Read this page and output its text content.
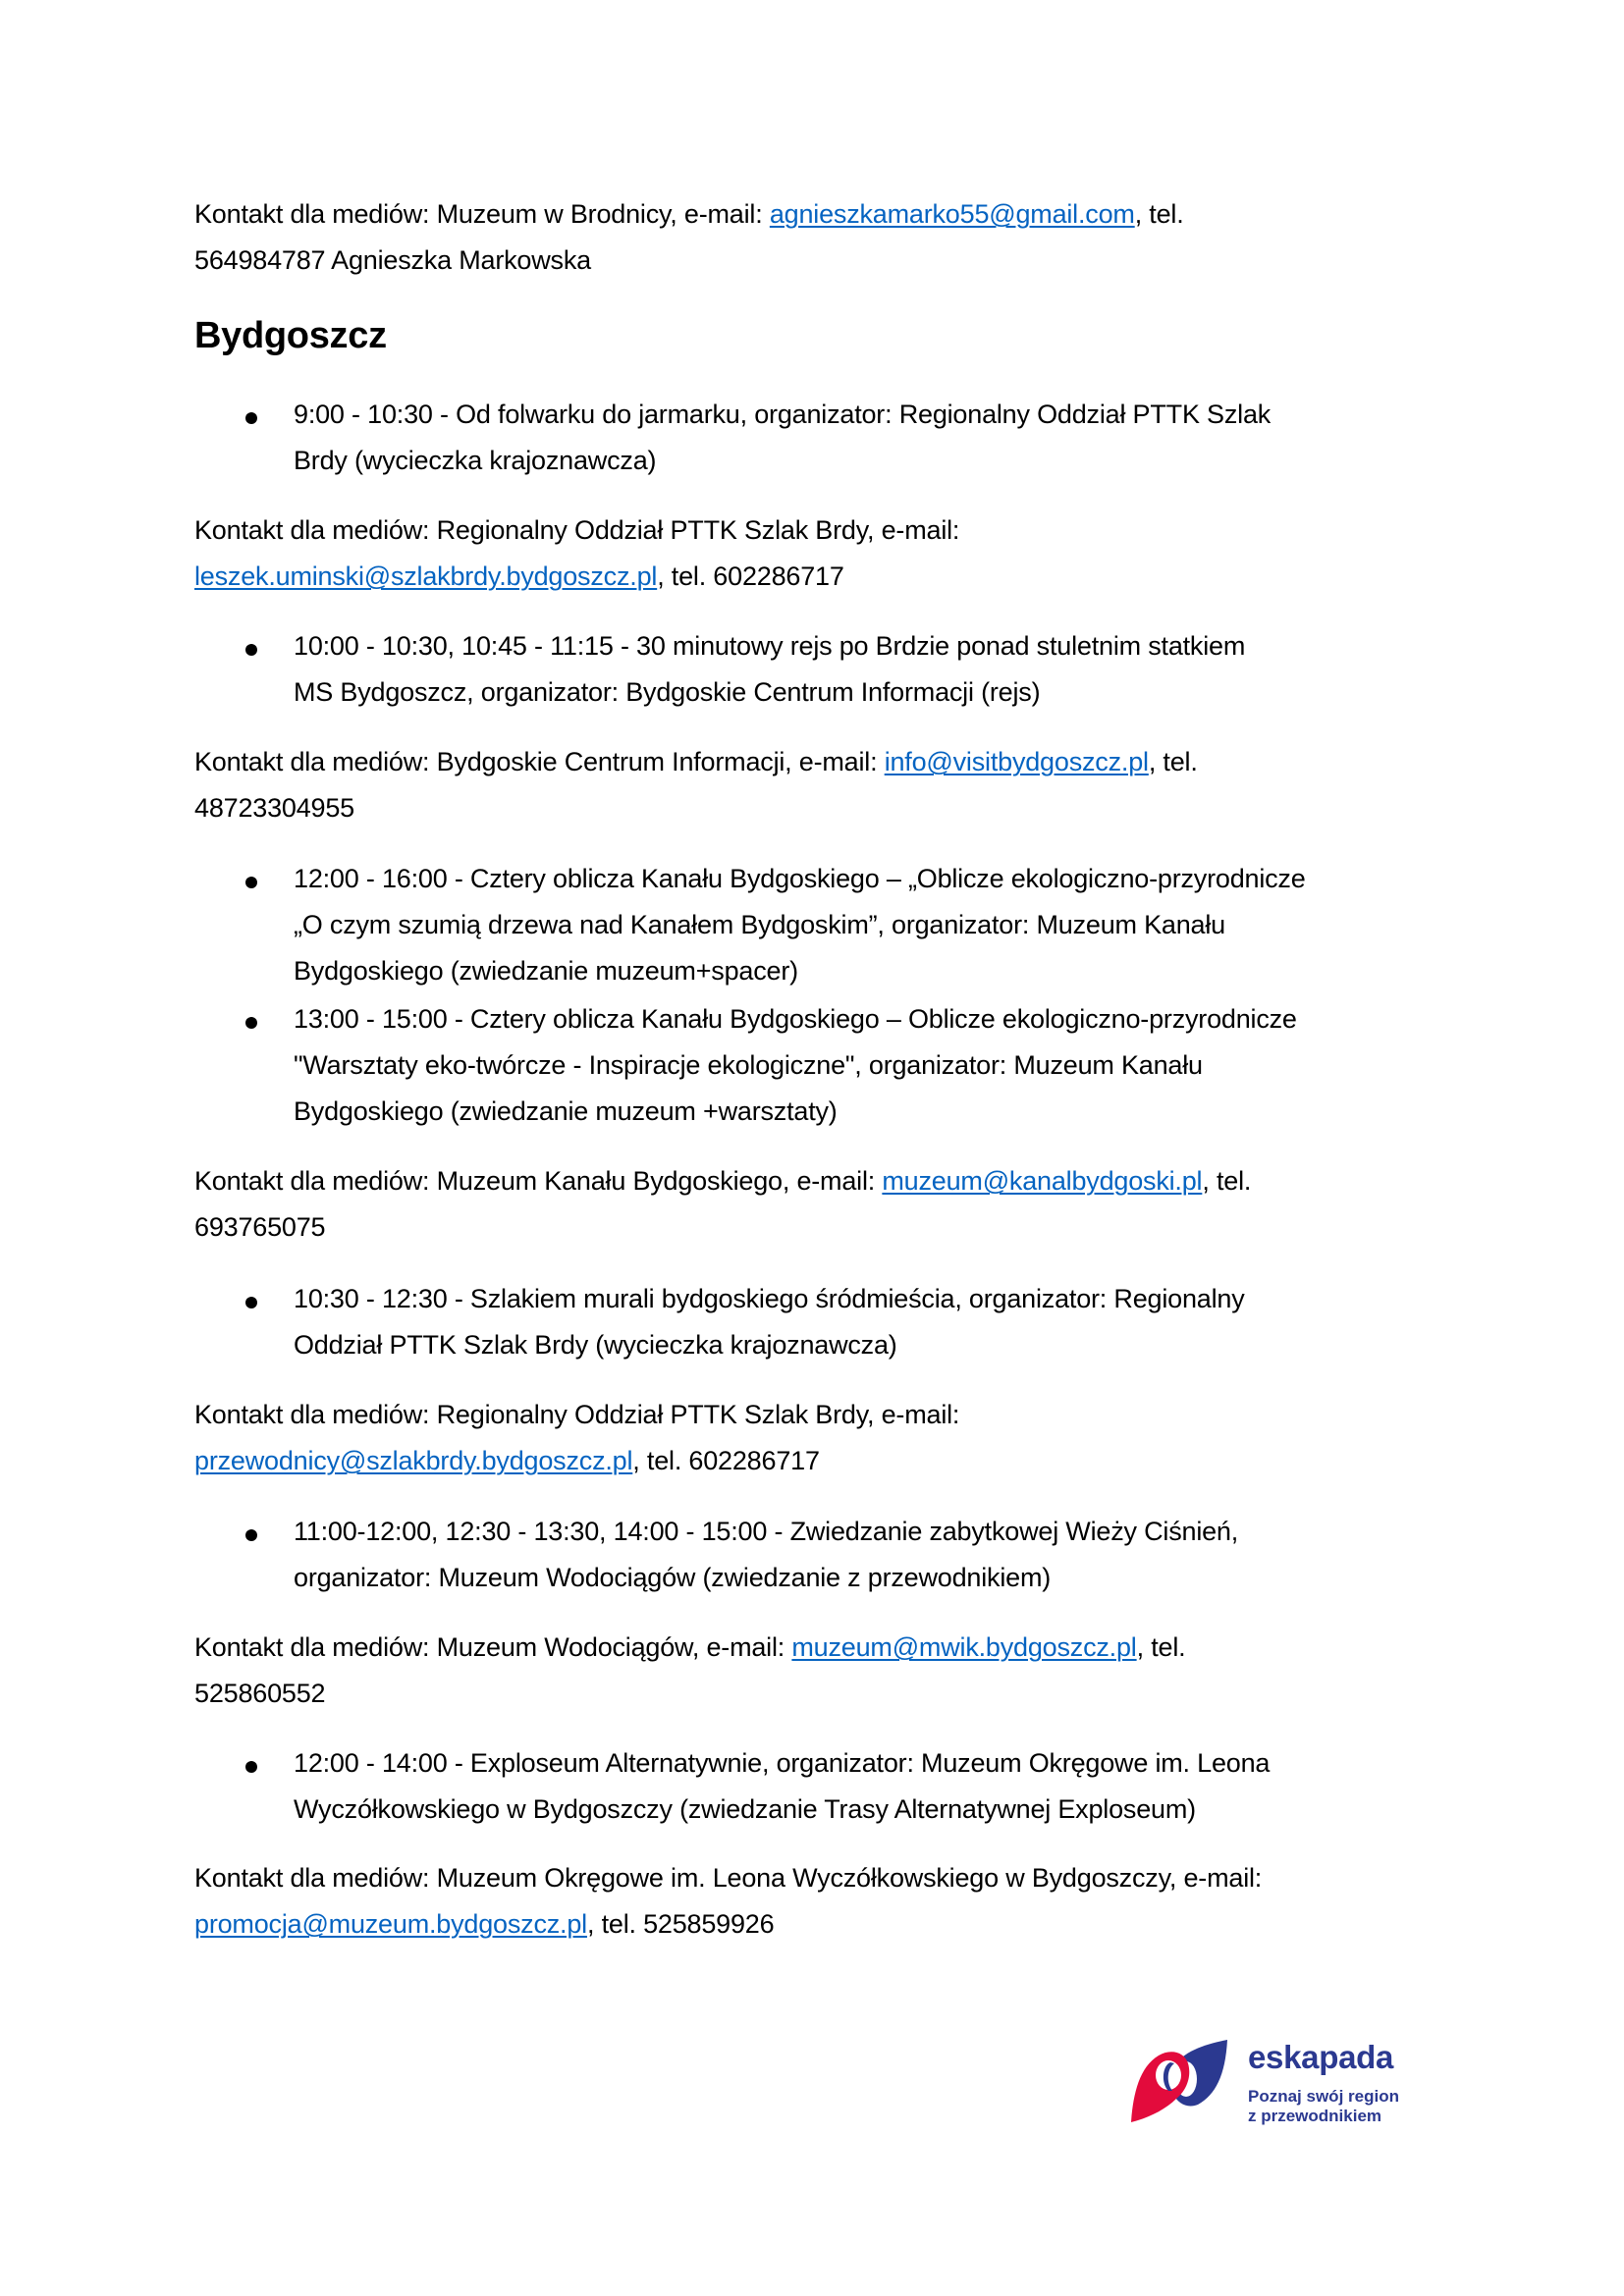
Kontakt dla mediów: Muzeum w Brodnicy, e-mail: agnieszkamarko55@gmail.com, tel.
564984787 Agnieszka Markowska
Bydgoszcz
9:00 - 10:30 - Od folwarku do jarmarku, organizator: Regionalny Oddział PTTK Szlak
Brdy (wycieczka krajoznawcza)
Kontakt dla mediów: Regionalny Oddział PTTK Szlak Brdy, e-mail:
leszek.uminski@szlakbrdy.bydgoszcz.pl, tel. 602286717
10:00 - 10:30, 10:45 - 11:15 - 30 minutowy rejs po Brdzie ponad stuletnim statkiem
MS Bydgoszcz, organizator: Bydgoskie Centrum Informacji (rejs)
Kontakt dla mediów: Bydgoskie Centrum Informacji, e-mail: info@visitbydgoszcz.pl, tel.
48723304955
12:00 - 16:00 - Cztery oblicza Kanału Bydgoskiego – „Oblicze ekologiczno-przyrodnicze
„O czym szumią drzewa nad Kanałem Bydgoskim”, organizator: Muzeum Kanału
Bydgoskiego (zwiedzanie muzeum+spacer)
13:00 - 15:00 - Cztery oblicza Kanału Bydgoskiego – Oblicze ekologiczno-przyrodnicze
"Warsztaty eko-twórcze - Inspiracje ekologiczne", organizator: Muzeum Kanału
Bydgoskiego (zwiedzanie muzeum +warsztaty)
Kontakt dla mediów: Muzeum Kanału Bydgoskiego, e-mail: muzeum@kanalbydgoski.pl, tel.
693765075
10:30 - 12:30 - Szlakiem murali bydgoskiego śródmieścia, organizator: Regionalny
Oddział PTTK Szlak Brdy (wycieczka krajoznawcza)
Kontakt dla mediów: Regionalny Oddział PTTK Szlak Brdy, e-mail:
przewodnicy@szlakbrdy.bydgoszcz.pl, tel. 602286717
11:00-12:00, 12:30 - 13:30, 14:00 - 15:00 - Zwiedzanie zabytkowej Wieży Ciśnień,
organizator: Muzeum Wodociągów (zwiedzanie z przewodnikiem)
Kontakt dla mediów: Muzeum Wodociągów, e-mail: muzeum@mwik.bydgoszcz.pl, tel.
525860552
12:00 - 14:00 - Exploseum Alternatywnie, organizator: Muzeum Okręgowe im. Leona
Wyczółkowskiego w Bydgoszczy (zwiedzanie Trasy Alternatywnej Exploseum)
Kontakt dla mediów: Muzeum Okręgowe im. Leona Wyczółkowskiego w Bydgoszczy, e-mail:
promocja@muzeum.bydgoszcz.pl, tel. 525859926
eskapada
Poznaj swój region
z przewodnikiem
